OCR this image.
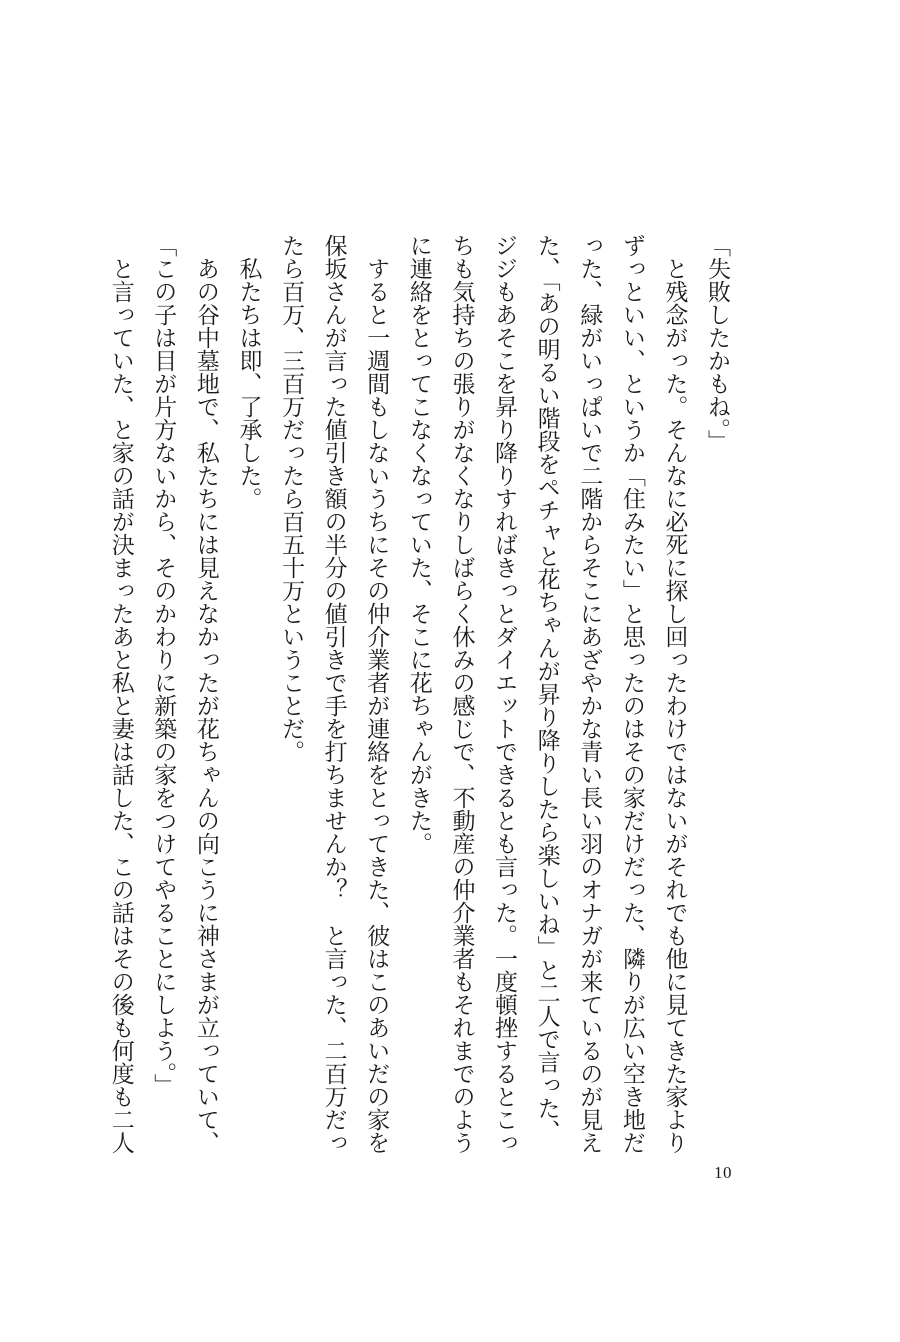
「失敗したかもね。」
　と残念がった。そんなに必死に探し回ったわけではないがそれでも他に見てきた家より
ずっといい、というか「住みたい」と思ったのはその家だけだった、隣りが広い空き地だ
った、緑がいっぱいで二階からそこにあざやかな青い長い羽のオナガが来ているのが見え
た、「あの明るい階段をペチャと花ちゃんが昇り降りしたら楽しいね」と二人で言った、
ジジもあそこを昇り降りすればきっとダイエットできるとも言った。一度頓挫するとこっ
ちも気持ちの張りがなくなりしばらく休みの感じで、不動産の仲介業者もそれまでのよう
に連絡をとってこなくなっていた、そこに花ちゃんがきた。
　すると一週間もしないうちにその仲介業者が連絡をとってきた、彼はこのあいだの家を
保坂さんが言った値引き額の半分の値引きで手を打ちませんか？　と言った、二百万だっ
たら百万、三百万だったら百五十万ということだ。
　私たちは即、了承した。
　あの谷中墓地で、私たちには見えなかったが花ちゃんの向こうに神さまが立っていて、
「この子は目が片方ないから、そのかわりに新築の家をつけてやることにしよう。」
　と言っていた、と家の話が決まったあと私と妻は話した、この話はその後も何度も二人
10
